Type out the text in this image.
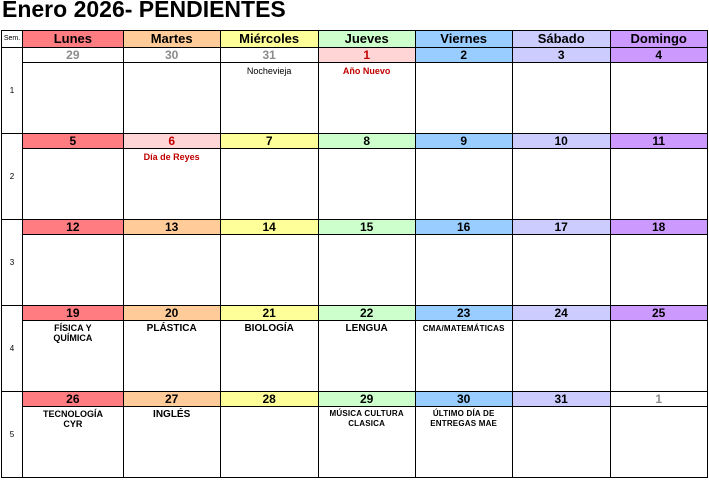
Enero 2026- PENDIENTES
Sem.	Lunes	Martes	Miércoles	Jueves	Viernes	Sábado	Domingo
1	29	30	31	1	2	3	4
			Nochevieja	Año Nuevo			
2	5	6	7	8	9	10	11
		Día de Reyes					
3	12	13	14	15	16	17	18

4	19	20	21	22	23	24	25

	FÍSICA Y QUÍMICA	PLÁSTICA	BIOLOGÍA	LENGUA	CMA/MATEMÁTICAS		
5	26	27	28	29	30	31	1

	TECNOLOGÍA CYR	INGLÉS		MÚSICA CULTURA CLASICA	ÚLTIMO DÍA DE ENTREGAS MAE		
